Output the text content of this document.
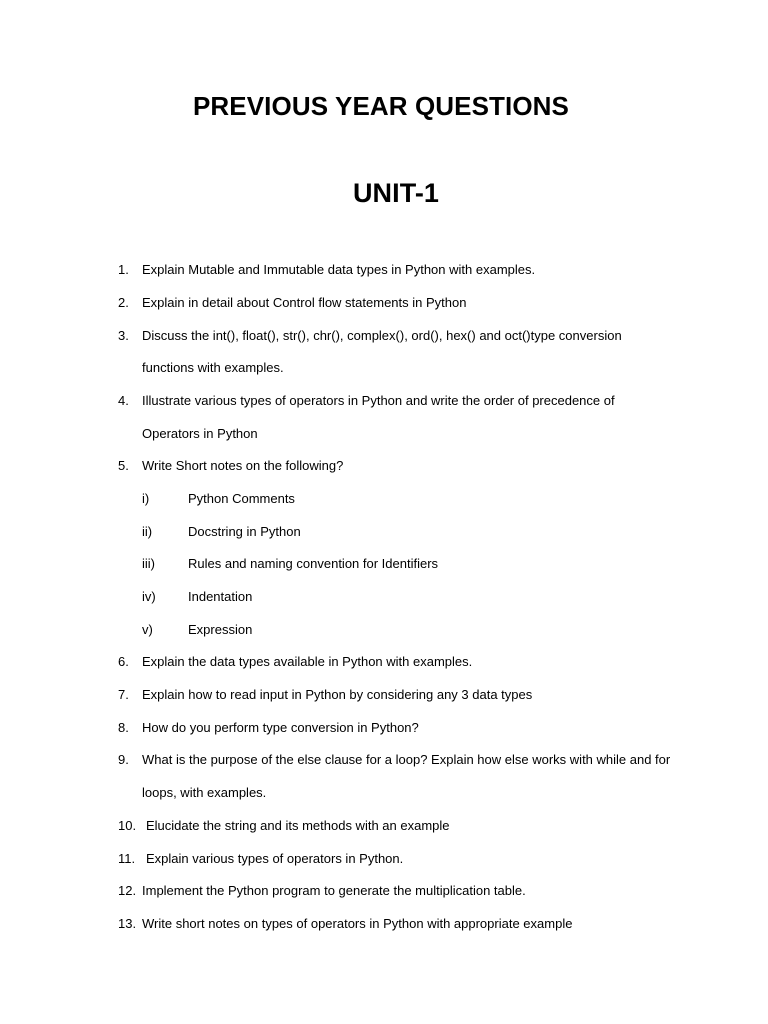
PREVIOUS YEAR QUESTIONS
UNIT-1
1.	Explain Mutable and Immutable data types in Python with examples.
2.	Explain in detail about Control flow statements in Python
3.	Discuss the int(), float(), str(), chr(), complex(), ord(), hex() and oct()type conversion
functions with examples.
4.	Illustrate various types of operators in Python and write the order of precedence of
Operators in Python
5.	Write Short notes on the following?
i)	Python Comments
ii)	Docstring in Python
iii)	Rules and naming convention for Identifiers
iv) Indentation
v)	Expression
6.	Explain the data types available in Python with examples.
7.	Explain how to read input in Python by considering any 3 data types
8.	How do you perform type conversion in Python?
9.	What is the purpose of the else clause for a loop? Explain how else works with while and for
loops, with examples.
10. Elucidate the string and its methods with an example
11. Explain various types of operators in Python.
12. Implement the Python program to generate the multiplication table.
13. Write short notes on types of operators in Python with appropriate example
